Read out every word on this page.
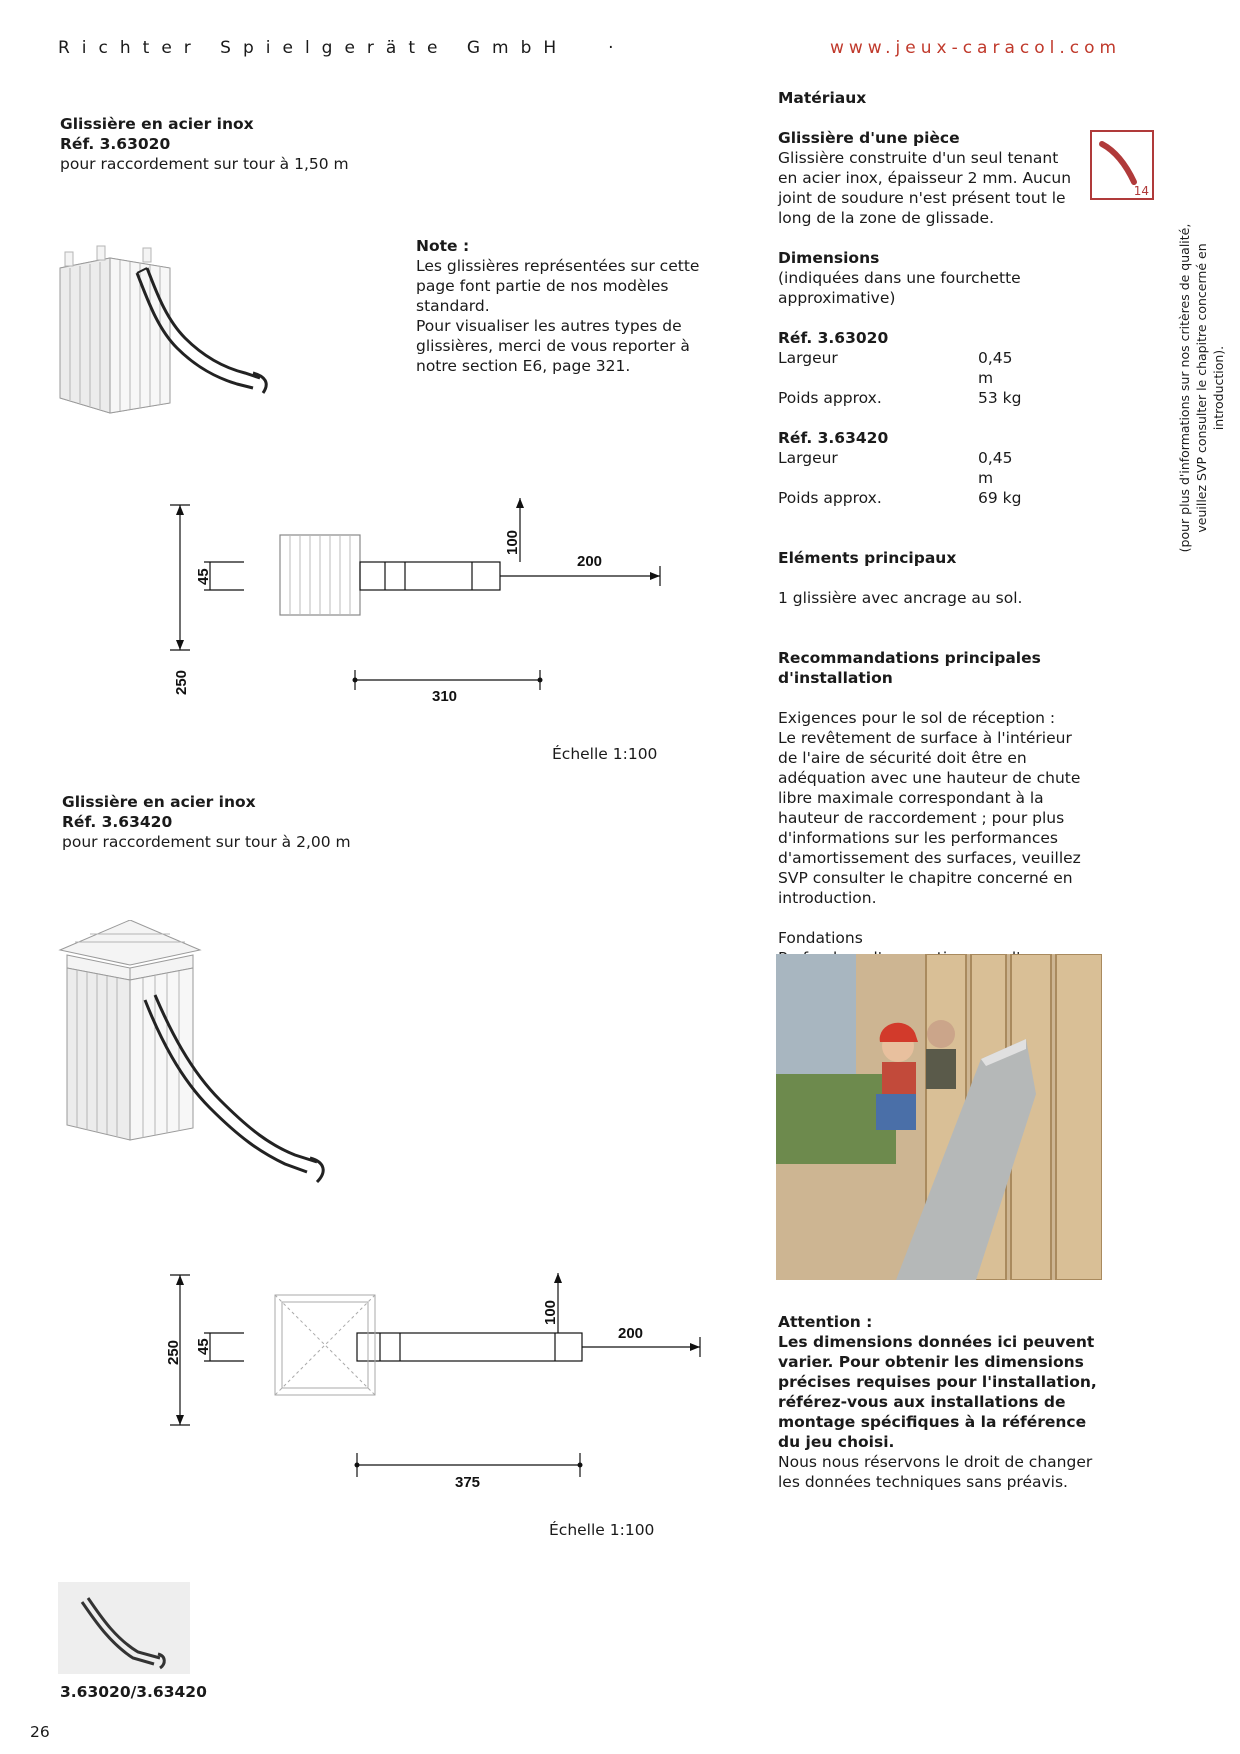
Richter Spielgeräte GmbH ·	www.jeux-caracol.com
Glissière en acier inox
Réf. 3.63020
pour raccordement sur tour à 1,50 m
Note :
Les glissières représentées sur cette
page font partie de nos modèles
standard.
Pour visualiser les autres types de
glissières, merci de vous reporter à
notre section E6, page 321.
250
45
100
200
310
Échelle 1:100
Glissière en acier inox
Réf. 3.63420
pour raccordement sur tour à 2,00 m
250 45
100
200
375
Échelle 1:100
Matériaux
Glissière d'une pièce
Glissière construite d'un seul tenant
en acier inox, épaisseur 2 mm. Aucun
joint de soudure n'est présent tout le
long de la zone de glissade.
Dimensions
(indiquées dans une fourchette
approximative)
Réf. 3.63020
Largeur	0,45 m
Poids approx.	53 kg
Réf. 3.63420
Largeur	0,45 m
Poids approx.	69 kg
Eléments principaux
1 glissière avec ancrage au sol.
Recommandations principales
d'installation
Exigences pour le sol de réception :
Le revêtement de surface à l'intérieur
de l'aire de sécurité doit être en
adéquation avec une hauteur de chute
libre maximale correspondant à la
hauteur de raccordement ; pour plus
d'informations sur les performances
d'amortissement des surfaces, veuillez
SVP consulter le chapitre concerné en
introduction.
Fondations
14
Attention :
Les dimensions données ici peuvent
varier. Pour obtenir les dimensions
précises requises pour l'installation,
référez-vous aux installations de
montage spécifiques à la référence
du jeu choisi.
Nous nous réservons le droit de changer
les données techniques sans préavis.
(pour plus d'informations sur nos critères de qualité, veuillez SVP consulter le chapitre concerné en introduction).
3.63020/3.63420
26
